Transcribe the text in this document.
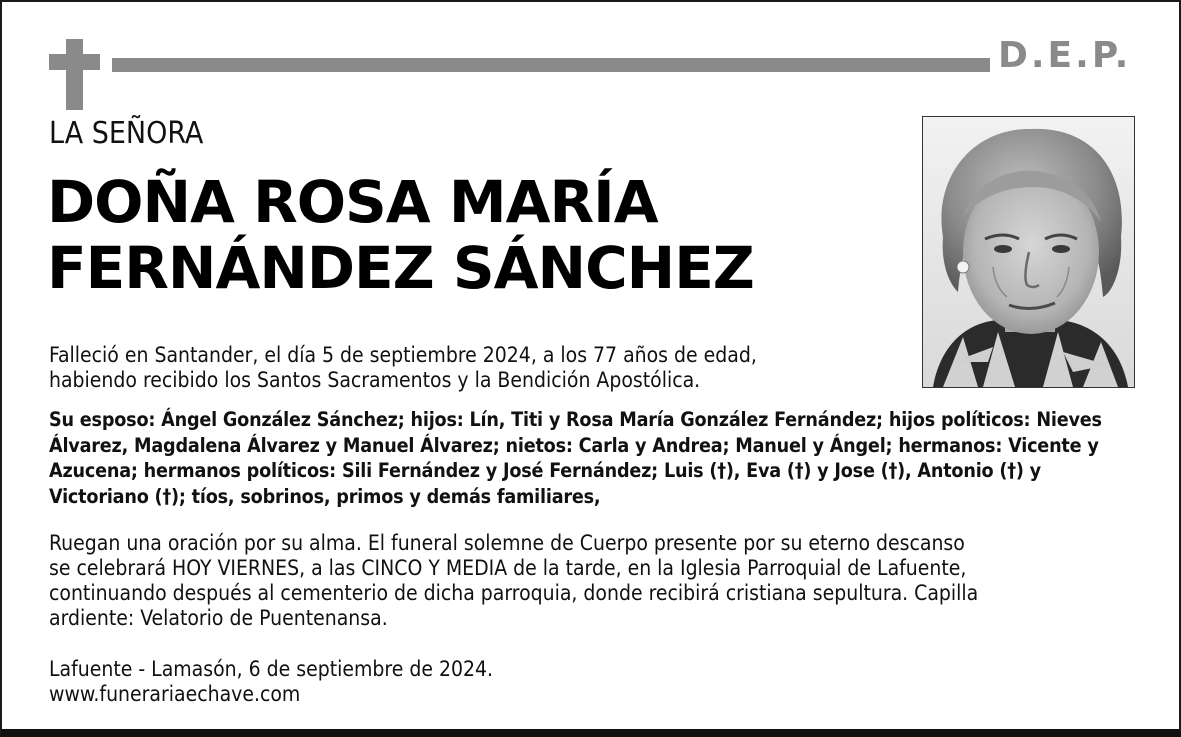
D.E.P.
LA SEÑORA
DOÑA ROSA MARÍA
FERNÁNDEZ SÁNCHEZ

Falleció en Santander, el día 5 de septiembre 2024, a los 77 años de edad,
habiendo recibido los Santos Sacramentos y la Bendición Apostólica.

Su esposo: Ángel González Sánchez; hijos: Lín, Titi y Rosa María González Fernández; hijos políticos: Nieves
Álvarez, Magdalena Álvarez y Manuel Álvarez; nietos: Carla y Andrea; Manuel y Ángel; hermanos: Vicente y
Azucena; hermanos políticos: Sili Fernández y José Fernández; Luis (†), Eva (†) y Jose (†), Antonio (†) y
Victoriano (†); tíos, sobrinos, primos y demás familiares,

Ruegan una oración por su alma. El funeral solemne de Cuerpo presente por su eterno descanso
se celebrará HOY VIERNES, a las CINCO Y MEDIA de la tarde, en la Iglesia Parroquial de Lafuente,
continuando después al cementerio de dicha parroquia, donde recibirá cristiana sepultura. Capilla
ardiente: Velatorio de Puentenansa.

Lafuente - Lamasón, 6 de septiembre de 2024.
www.funerariaechave.com
